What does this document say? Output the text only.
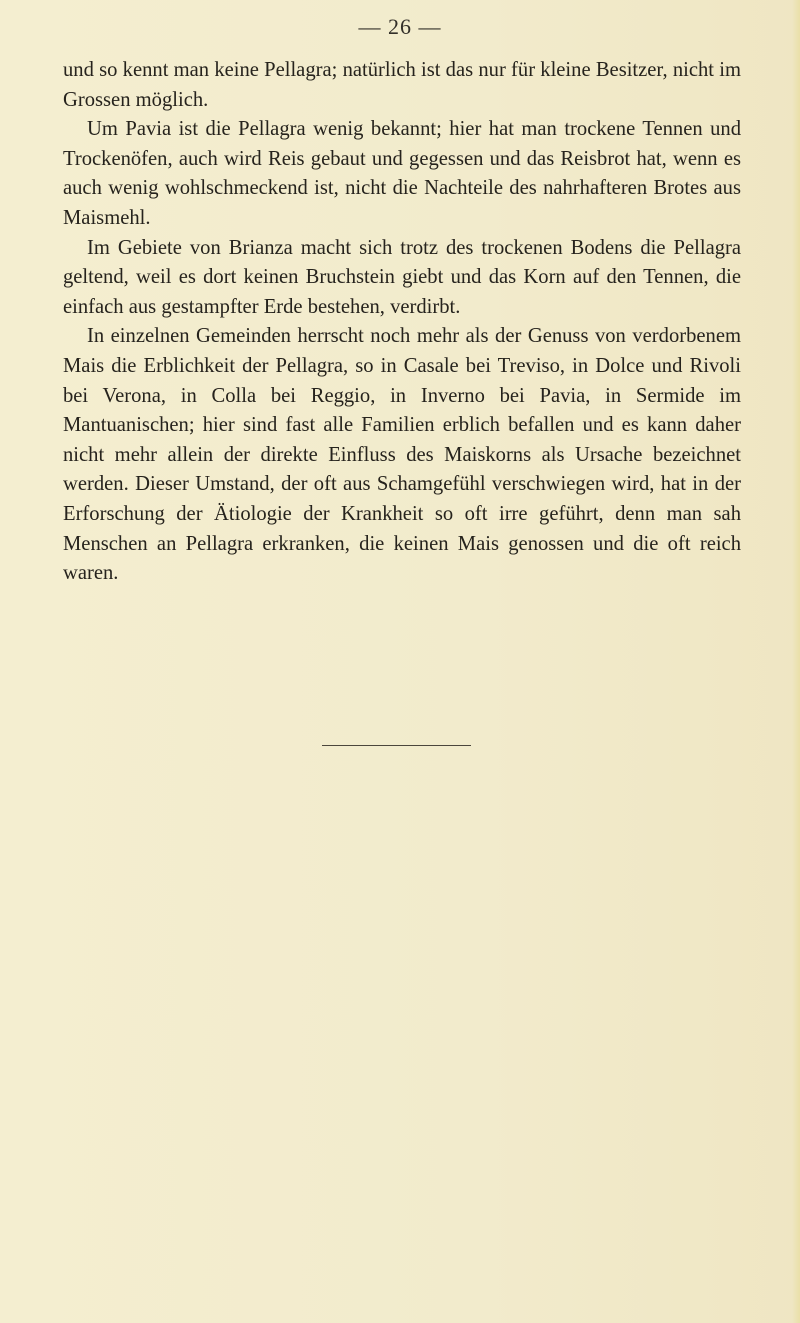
— 26 —

und so kennt man keine Pellagra; natürlich ist das nur für kleine Besitzer, nicht im Grossen möglich.

Um Pavia ist die Pellagra wenig bekannt; hier hat man trockene Tennen und Trockenöfen, auch wird Reis gebaut und gegessen und das Reisbrot hat, wenn es auch wenig wohlschmeckend ist, nicht die Nachteile des nahrhafteren Brotes aus Maismehl.

Im Gebiete von Brianza macht sich trotz des trockenen Bodens die Pellagra geltend, weil es dort keinen Bruchstein giebt und das Korn auf den Tennen, die einfach aus gestampfter Erde bestehen, verdirbt.

In einzelnen Gemeinden herrscht noch mehr als der Genuss von verdorbenem Mais die Erblichkeit der Pellagra, so in Casale bei Treviso, in Dolce und Rivoli bei Verona, in Colla bei Reggio, in Inverno bei Pavia, in Sermide im Mantuanischen; hier sind fast alle Familien erblich befallen und es kann daher nicht mehr allein der direkte Einfluss des Maiskorns als Ursache bezeichnet werden. Dieser Umstand, der oft aus Schamgefühl verschwiegen wird, hat in der Erforschung der Ätiologie der Krankheit so oft irre geführt, denn man sah Menschen an Pellagra erkranken, die keinen Mais genossen und die oft reich waren.
